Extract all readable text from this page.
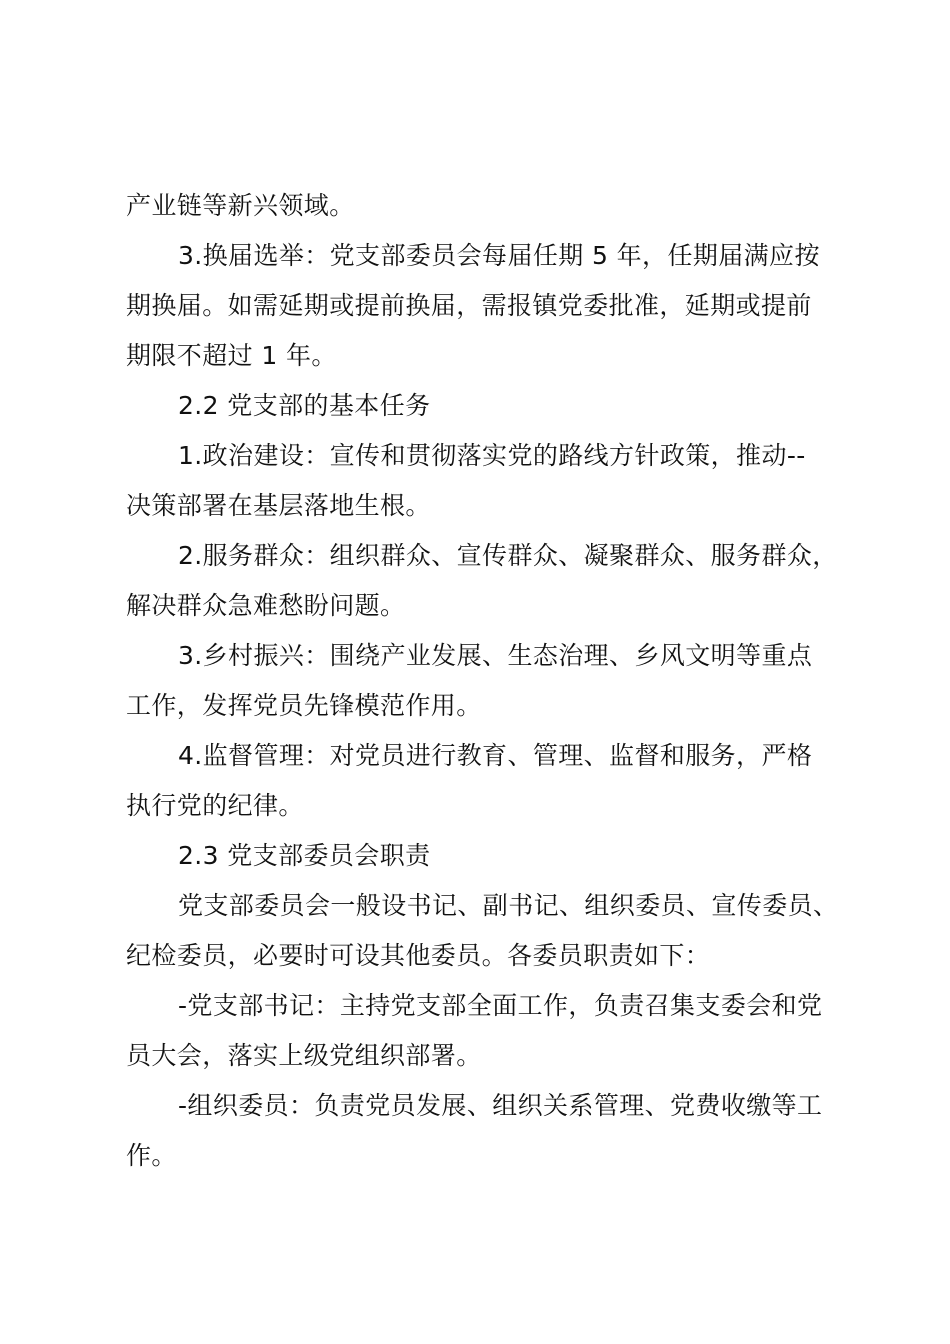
产业链等新兴领域。
3.换届选举：党支部委员会每届任期 5 年，任期届满应按
期换届。如需延期或提前换届，需报镇党委批准，延期或提前
期限不超过 1 年。
2.2 党支部的基本任务
1.政治建设：宣传和贯彻落实党的路线方针政策，推动--
决策部署在基层落地生根。
2.服务群众：组织群众、宣传群众、凝聚群众、服务群众，
解决群众急难愁盼问题。
3.乡村振兴：围绕产业发展、生态治理、乡风文明等重点
工作，发挥党员先锋模范作用。
4.监督管理：对党员进行教育、管理、监督和服务，严格
执行党的纪律。
2.3 党支部委员会职责
党支部委员会一般设书记、副书记、组织委员、宣传委员、
纪检委员，必要时可设其他委员。各委员职责如下：
-党支部书记：主持党支部全面工作，负责召集支委会和党
员大会，落实上级党组织部署。
-组织委员：负责党员发展、组织关系管理、党费收缴等工
作。
